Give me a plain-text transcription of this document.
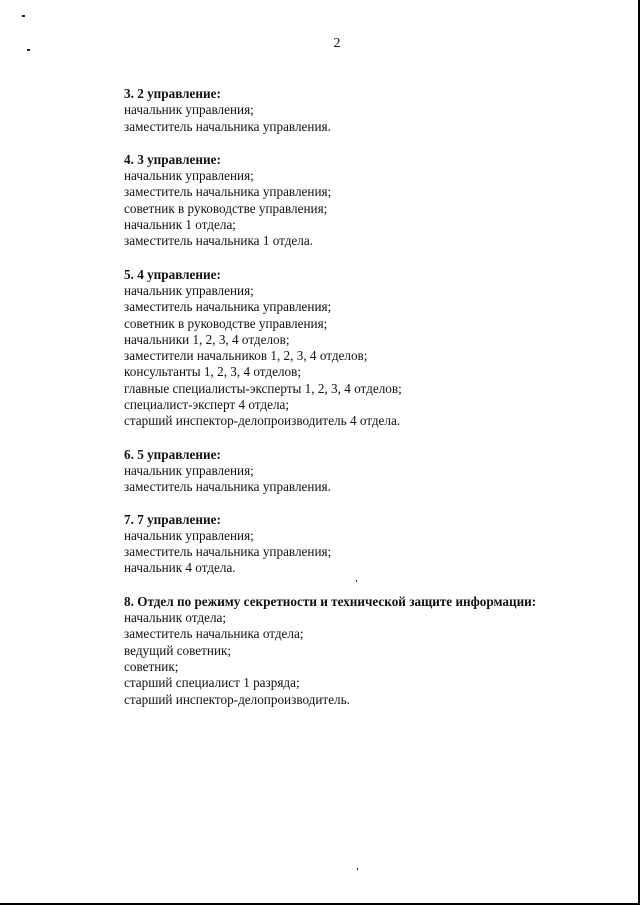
2
3. 2 управление:
начальник управления;
заместитель начальника управления.
4. 3 управление:
начальник управления;
заместитель начальника управления;
советник в руководстве управления;
начальник 1 отдела;
заместитель начальника 1 отдела.
5. 4 управление:
начальник управления;
заместитель начальника управления;
советник в руководстве управления;
начальники 1, 2, 3, 4 отделов;
заместители начальников 1, 2, 3, 4 отделов;
консультанты 1, 2, 3, 4 отделов;
главные специалисты-эксперты 1, 2, 3, 4 отделов;
специалист-эксперт 4 отдела;
старший инспектор-делопроизводитель 4 отдела.
6. 5 управление:
начальник управления;
заместитель начальника управления.
7. 7 управление:
начальник управления;
заместитель начальника управления;
начальник 4 отдела.
8. Отдел по режиму секретности и технической защите информации:
начальник отдела;
заместитель начальника отдела;
ведущий советник;
советник;
старший специалист 1 разряда;
старший инспектор-делопроизводитель.
